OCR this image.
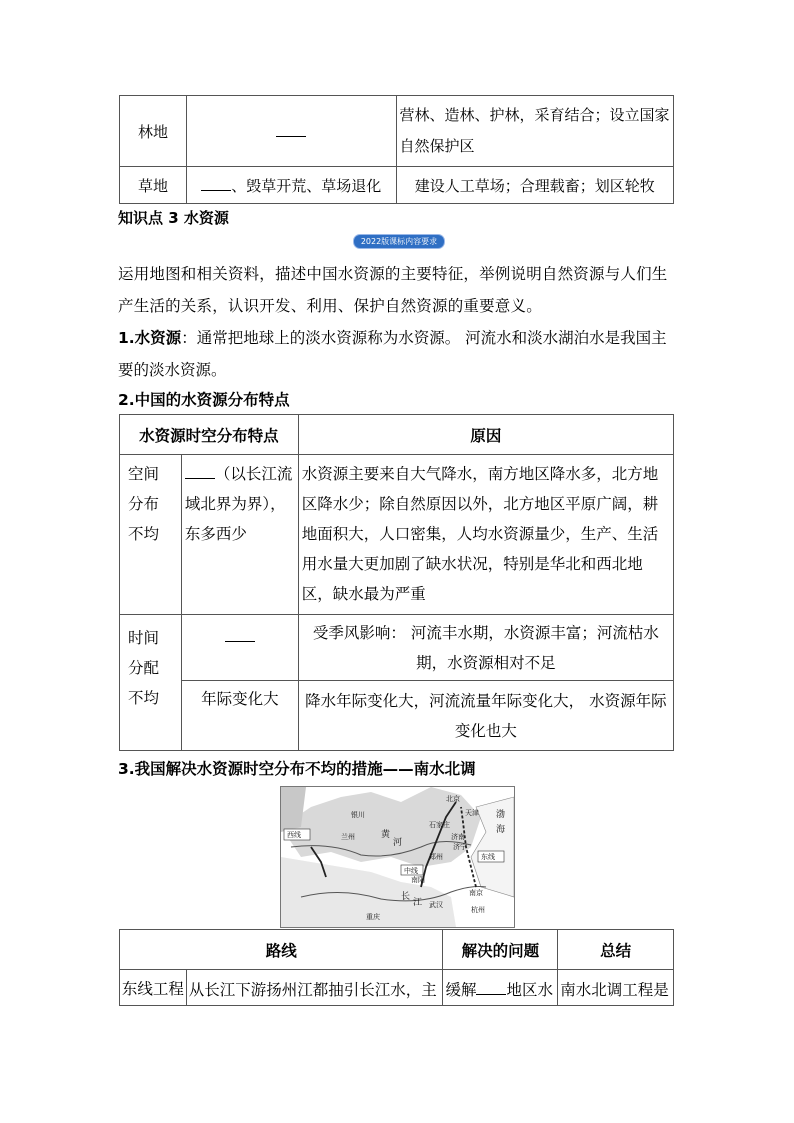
林地		营林、造林、护林，采育结合；设立国家自然保护区
草地	、毁草开荒、草场退化	建设人工草场；合理载畜；划区轮牧
知识点 3 水资源
2022版课标内容要求
运用地图和相关资料，描述中国水资源的主要特征，举例说明自然资源与人们生产生活的关系，认识开发、利用、保护自然资源的重要意义。
1.水资源：通常把地球上的淡水资源称为水资源。 河流水和淡水湖泊水是我国主要的淡水资源。
2.中国的水资源分布特点
水资源时空分布特点		原因
空间分布不均	（以长江流域北界为界），东多西少	水资源主要来自大气降水，南方地区降水多，北方地区降水少；除自然原因以外，北方地区平原广阔，耕地面积大，人口密集，人均水资源量少，生产、生活用水量大更加剧了缺水状况，特别是华北和西北地区，缺水最为严重
时间分配不均		受季风影响： 河流丰水期，水资源丰富；河流枯水期，水资源相对不足
	年际变化大	降水年际变化大，河流流量年际变化大， 水资源年际变化也大
3.我国解决水资源时空分布不均的措施——南水北调
西线
中线
东线
银川
兰州
北京
天津
石家庄
济南
济宁
郑州
南阳
武汉
南京
杭州
重庆
黄
长
江
河
渤
海
路线		解决的问题	总结
东线工程	从长江下游扬州江都抽引长江水，主	缓解 地区水	南水北调工程是
